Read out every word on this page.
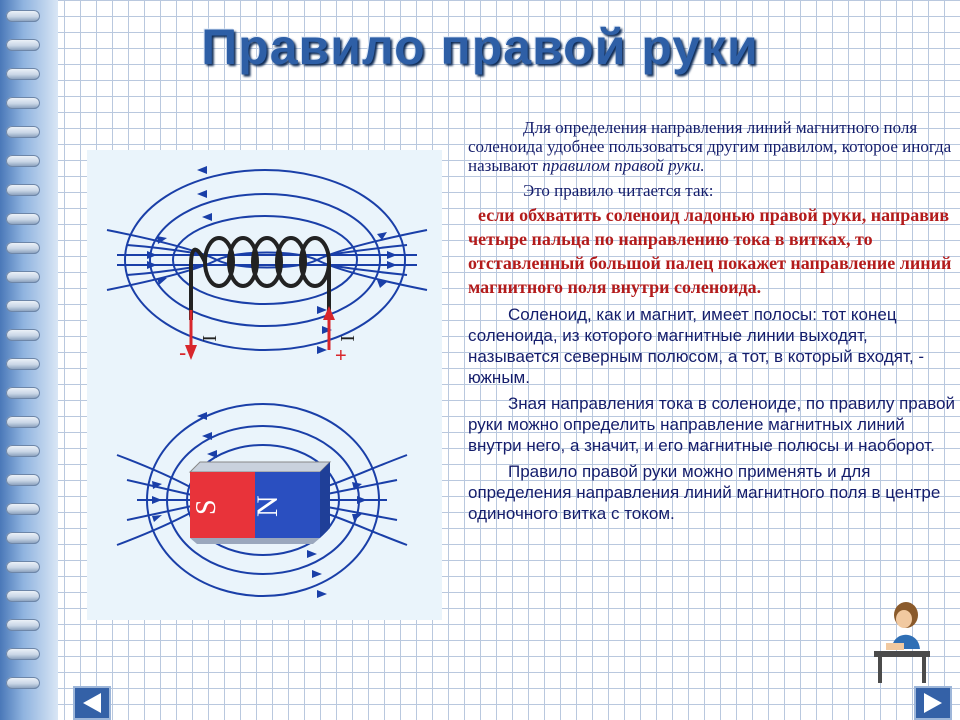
Правило правой руки
I	I
-	+
S N

Для определения направления линий магнитного поля соленоида удобнее пользоваться другим правилом, которое иногда называют правилом правой руки.

Это правило читается так:

если обхватить соленоид ладонью правой руки, направив четыре пальца по направлению тока в витках, то отставленный большой палец покажет направление линий магнитного поля внутри соленоида.

Соленоид, как и магнит, имеет полосы: тот конец соленоида, из которого магнитные линии выходят, называется северным полюсом, а тот, в который входят, - южным.

Зная направления тока в соленоиде, по правилу правой руки можно определить направление магнитных линий внутри него, а значит, и его магнитные полюсы и наоборот.

Правило правой руки можно применять и для определения направления линий магнитного поля в центре одиночного витка с током.
